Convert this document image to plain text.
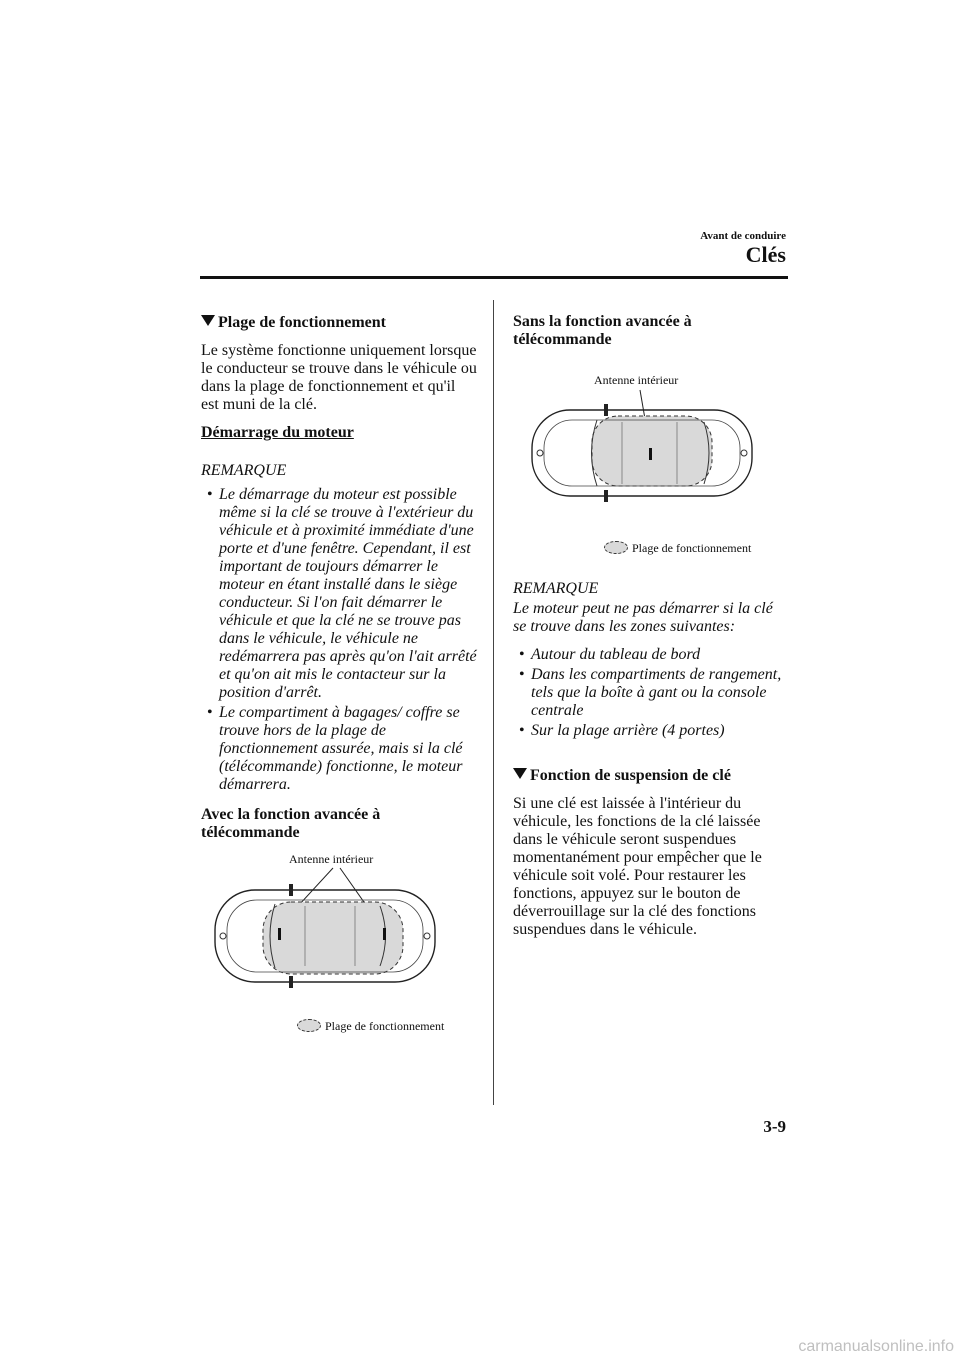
Avant de conduire
Clés
Plage de fonctionnement

Le système fonctionne uniquement lorsque le conducteur se trouve dans le véhicule ou dans la plage de fonctionnement et qu'il est muni de la clé.

Démarrage du moteur

REMARQUE

• Le démarrage du moteur est possible même si la clé se trouve à l'extérieur du véhicule et à proximité immédiate d'une porte et d'une fenêtre. Cependant, il est important de toujours démarrer le moteur en étant installé dans le siège conducteur. Si l'on fait démarrer le véhicule et que la clé ne se trouve pas dans le véhicule, le véhicule ne redémarrera pas après qu'on l'ait arrêté et qu'on ait mis le contacteur sur la position d'arrêt.
• Le compartiment à bagages/ coffre se trouve hors de la plage de fonctionnement assurée, mais si la clé (télécommande) fonctionne, le moteur démarrera.

Avec la fonction avancée à télécommande

Antenne intérieur
Plage de fonctionnement

Sans la fonction avancée à télécommande

Antenne intérieur
Plage de fonctionnement

REMARQUE

Le moteur peut ne pas démarrer si la clé se trouve dans les zones suivantes:

• Autour du tableau de bord
• Dans les compartiments de rangement, tels que la boîte à gant ou la console centrale
• Sur la plage arrière (4 portes)
Fonction de suspension de clé

Si une clé est laissée à l'intérieur du véhicule, les fonctions de la clé laissée dans le véhicule seront suspendues momentanément pour empêcher que le véhicule soit volé. Pour restaurer les fonctions, appuyez sur le bouton de déverrouillage sur la clé des fonctions suspendues dans le véhicule.

3-9
carmanualsonline.info
